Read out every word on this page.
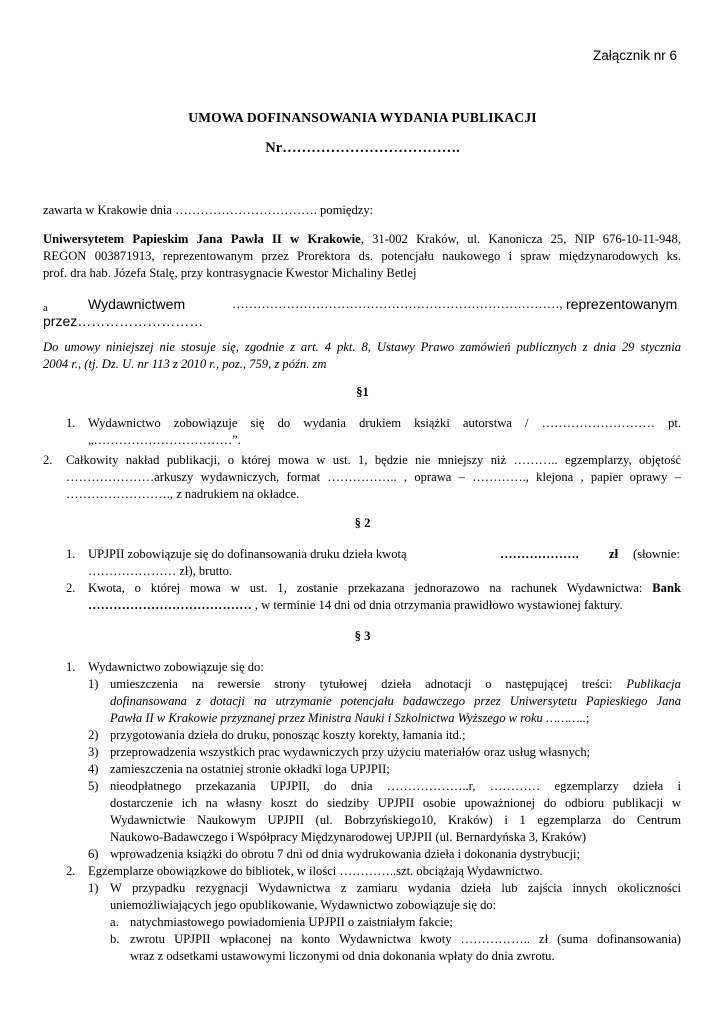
Załącznik nr 6
UMOWA DOFINANSOWANIA WYDANIA PUBLIKACJI
Nr……………………………….
zawarta w Krakowie dnia ……………………………. pomiędzy:
Uniwersytetem Papieskim Jana Pawła II w Krakowie, 31-002 Kraków, ul. Kanonicza 25, NIP 676-10-11-948,
REGON 003871913, reprezentowanym przez Prorektora ds. potencjału naukowego i spraw międzynarodowych ks.
prof. dra hab. Józefa Stalę, przy kontrasygnacie Kwestor Michaliny Betlej
a	Wydawnictwem	……………………………………………………………………, reprezentowanym
przez………………………
Do umowy niniejszej nie stosuje się, zgodnie z art. 4 pkt. 8, Ustawy Prawo zamówień publicznych z dnia 29 stycznia
2004 r., (tj. Dz. U. nr 113 z 2010 r., poz., 759, z późn. zm
§1
1. Wydawnictwo zobowiązuje się do wydania drukiem książki autorstwa / ……………………… pt.
„……………………………”.
2. Całkowity nakład publikacji, o której mowa w ust. 1, będzie nie mniejszy niż ……….. egzemplarzy, objętość
…………………arkuszy wydawniczych, format …………….. , oprawa – …………., klejona , papier oprawy –
……………………., z nadrukiem na okładce.
§ 2
1. UPJPII zobowiązuje się do dofinansowania druku dzieła kwotą	………………. zł (słownie:
………………… zł), brutto.
2. Kwota, o której mowa w ust. 1, zostanie przekazana jednorazowo na rachunek Wydawnictwa: Bank
………………………………… , w terminie 14 dni od dnia otrzymania prawidłowo wystawionej faktury.
§ 3
1. Wydawnictwo zobowiązuje się do:
1) umieszczenia na rewersie strony tytułowej dzieła adnotacji o następującej treści: Publikacja
dofinansowana z dotacji na utrzymanie potencjału badawczego przez Uniwersytetu Papieskiego Jana
Pawła II w Krakowie przyznanej przez Ministra Nauki i Szkolnictwa Wyższego w roku ………..;
2) przygotowania dzieła do druku, ponosząc koszty korekty, łamania itd.;
3) przeprowadzenia wszystkich prac wydawniczych przy użyciu materiałów oraz usług własnych;
4) zamieszczenia na ostatniej stronie okładki loga UPJPII;
5) nieodpłatnego przekazania UPJPII, do dnia ………………..r, ………… egzemplarzy dzieła i
dostarczenie ich na własny koszt do siedziby UPJPII osobie upoważnionej do odbioru publikacji w
Wydawnictwie Naukowym UPJPII (ul. Bobrzyńskiego10, Kraków) i 1 egzemplarza do Centrum
Naukowo-Badawczego i Współpracy Międzynarodowej UPJPII (ul. Bernardyńska 3, Kraków)
6) wprowadzenia książki do obrotu 7 dni od dnia wydrukowania dzieła i dokonania dystrybucji;
2. Egzemplarze obowiązkowe do bibliotek, w ilości …………..szt. obciążają Wydawnictwo.
1) W przypadku rezygnacji Wydawnictwa z zamiaru wydania dzieła lub zajścia innych okoliczności
uniemożliwiających jego opublikowanie, Wydawnictwo zobowiązuje się do:
a. natychmiastowego powiadomienia UPJPII o zaistniałym fakcie;
b. zwrotu UPJPII wpłaconej na konto Wydawnictwa kwoty …………….. zł (suma dofinansowania)
wraz z odsetkami ustawowymi liczonymi od dnia dokonania wpłaty do dnia zwrotu.
